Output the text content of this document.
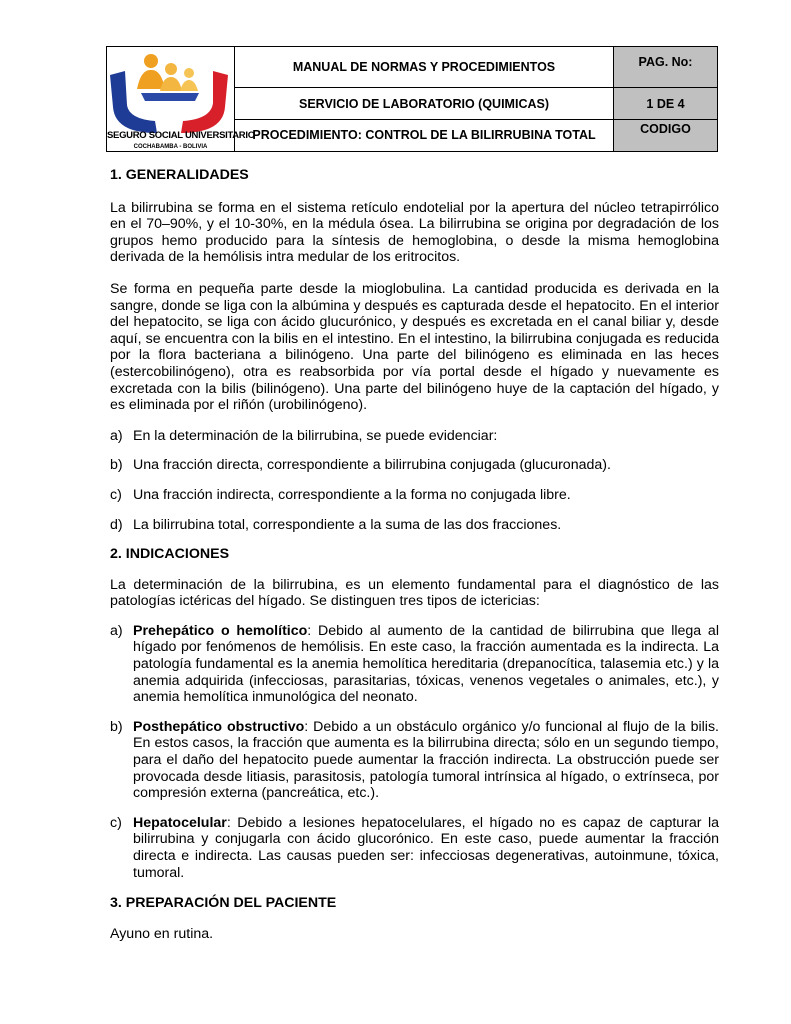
SEGURO SOCIAL UNIVERSITARIO
COCHABAMBA - BOLIVIA	MANUAL DE NORMAS Y PROCEDIMIENTOS	PAG. No:
	SERVICIO DE LABORATORIO (QUIMICAS)	1 DE 4
	PROCEDIMIENTO: CONTROL DE LA BILIRRUBINA TOTAL	CODIGO

1. GENERALIDADES

La bilirrubina se forma en el sistema retículo endotelial por la apertura del núcleo tetrapirrólico en el 70–90%, y el 10-30%, en la médula ósea. La bilirrubina se origina por degradación de los grupos hemo producido para la síntesis de hemoglobina, o desde la misma hemoglobina derivada de la hemólisis intra medular de los eritrocitos.

Se forma en pequeña parte desde la mioglobulina. La cantidad producida es derivada en la sangre, donde se liga con la albúmina y después es capturada desde el hepatocito. En el interior del hepatocito, se liga con ácido glucurónico, y después es excretada en el canal biliar y, desde aquí, se encuentra con la bilis en el intestino. En el intestino, la bilirrubina conjugada es reducida por la flora bacteriana a bilinógeno. Una parte del bilinógeno es eliminada en las heces (estercobilinógeno), otra es reabsorbida por vía portal desde el hígado y nuevamente es excretada con la bilis (bilinógeno). Una parte del bilinógeno huye de la captación del hígado, y es eliminada por el riñón (urobilinógeno).

a) En la determinación de la bilirrubina, se puede evidenciar:
b) Una fracción directa, correspondiente a bilirrubina conjugada (glucuronada).
c) Una fracción indirecta, correspondiente a la forma no conjugada libre.
d) La bilirrubina total, correspondiente a la suma de las dos fracciones.

2. INDICACIONES

La determinación de la bilirrubina, es un elemento fundamental para el diagnóstico de las patologías ictéricas del hígado. Se distinguen tres tipos de ictericias:

a) Prehepático o hemolítico: Debido al aumento de la cantidad de bilirrubina que llega al hígado por fenómenos de hemólisis. En este caso, la fracción aumentada es la indirecta. La patología fundamental es la anemia hemolítica hereditaria (drepanocítica, talasemia etc.) y la anemia adquirida (infecciosas, parasitarias, tóxicas, venenos vegetales o animales, etc.), y anemia hemolítica inmunológica del neonato.
b) Posthepático obstructivo: Debido a un obstáculo orgánico y/o funcional al flujo de la bilis. En estos casos, la fracción que aumenta es la bilirrubina directa; sólo en un segundo tiempo, para el daño del hepatocito puede aumentar la fracción indirecta. La obstrucción puede ser provocada desde litiasis, parasitosis, patología tumoral intrínsica al hígado, o extrínseca, por compresión externa (pancreática, etc.).
c) Hepatocelular: Debido a lesiones hepatocelulares, el hígado no es capaz de capturar la bilirrubina y conjugarla con ácido glucorónico. En este caso, puede aumentar la fracción directa e indirecta. Las causas pueden ser: infecciosas degenerativas, autoinmune, tóxica, tumoral.

3. PREPARACIÓN DEL PACIENTE

Ayuno en rutina.
